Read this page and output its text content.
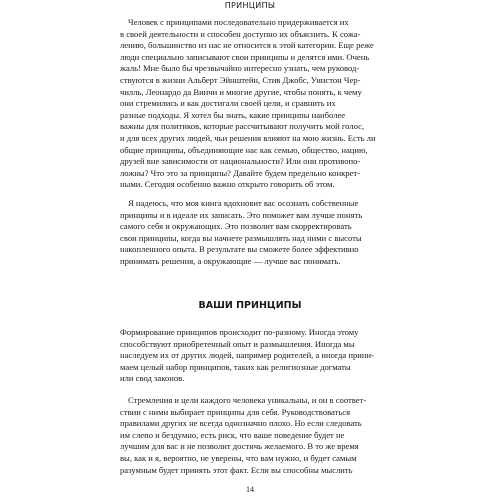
ПРИНЦИПЫ
Человек с принципами последовательно придерживается их
в своей деятельности и способен доступно их объяснить. К сожа-
лению, большинство из нас не относится к этой категории. Еще реже
люди специально записывают свои принципы и делятся ими. Очень
жаль! Мне было бы чрезвычайно интересно узнать, чем руковод-
ствуются в жизни Альберт Эйнштейн, Стив Джобс, Уинстон Чер-
чилль, Леонардо да Винчи и многие другие, чтобы понять, к чему
они стремились и как достигали своей цели, и сравнить их
разные подходы. Я хотел бы знать, какие принципы наиболее
важны для политиков, которые рассчитывают получить мой голос,
и для всех других людей, чьи решения влияют на мою жизнь. Есть ли
общие принципы, объединяющие нас как семью, общество, нацию,
друзей вне зависимости от национальности? Или они противопо-
ложны? Что это за принципы? Давайте будем предельно конкрет-
ными. Сегодня особенно важно открыто говорить об этом.
Я надеюсь, что моя книга вдохновит вас осознать собственные
принципы и в идеале их записать. Это поможет вам лучше понять
самого себя и окружающих. Это позволит вам скорректировать
свои принципы, когда вы начнете размышлять над ними с высоты
накопленного опыта. В результате вы сможете более эффективно
принимать решения, а окружающие — лучше вас понимать.
ВАШИ ПРИНЦИПЫ
Формирование принципов происходит по-разному. Иногда этому
способствуют приобретенный опыт и размышления. Иногда мы
наследуем их от других людей, например родителей, а иногда прини-
маем целый набор принципов, таких как религиозные догматы
или свод законов.
Стремления и цели каждого человека уникальны, и он в соответ-
ствии с ними выбирает принципы для себя. Руководствоваться
правилами других не всегда однозначно плохо. Но если следовать
им слепо и бездумно, есть риск, что ваше поведение будет не
лучшим для вас и не позволит достичь желаемого. В то же время
вы, как и я, вероятно, не уверены, что вам нужно, и будет самым
разумным будет принять этот факт. Если вы способны мыслить
14
